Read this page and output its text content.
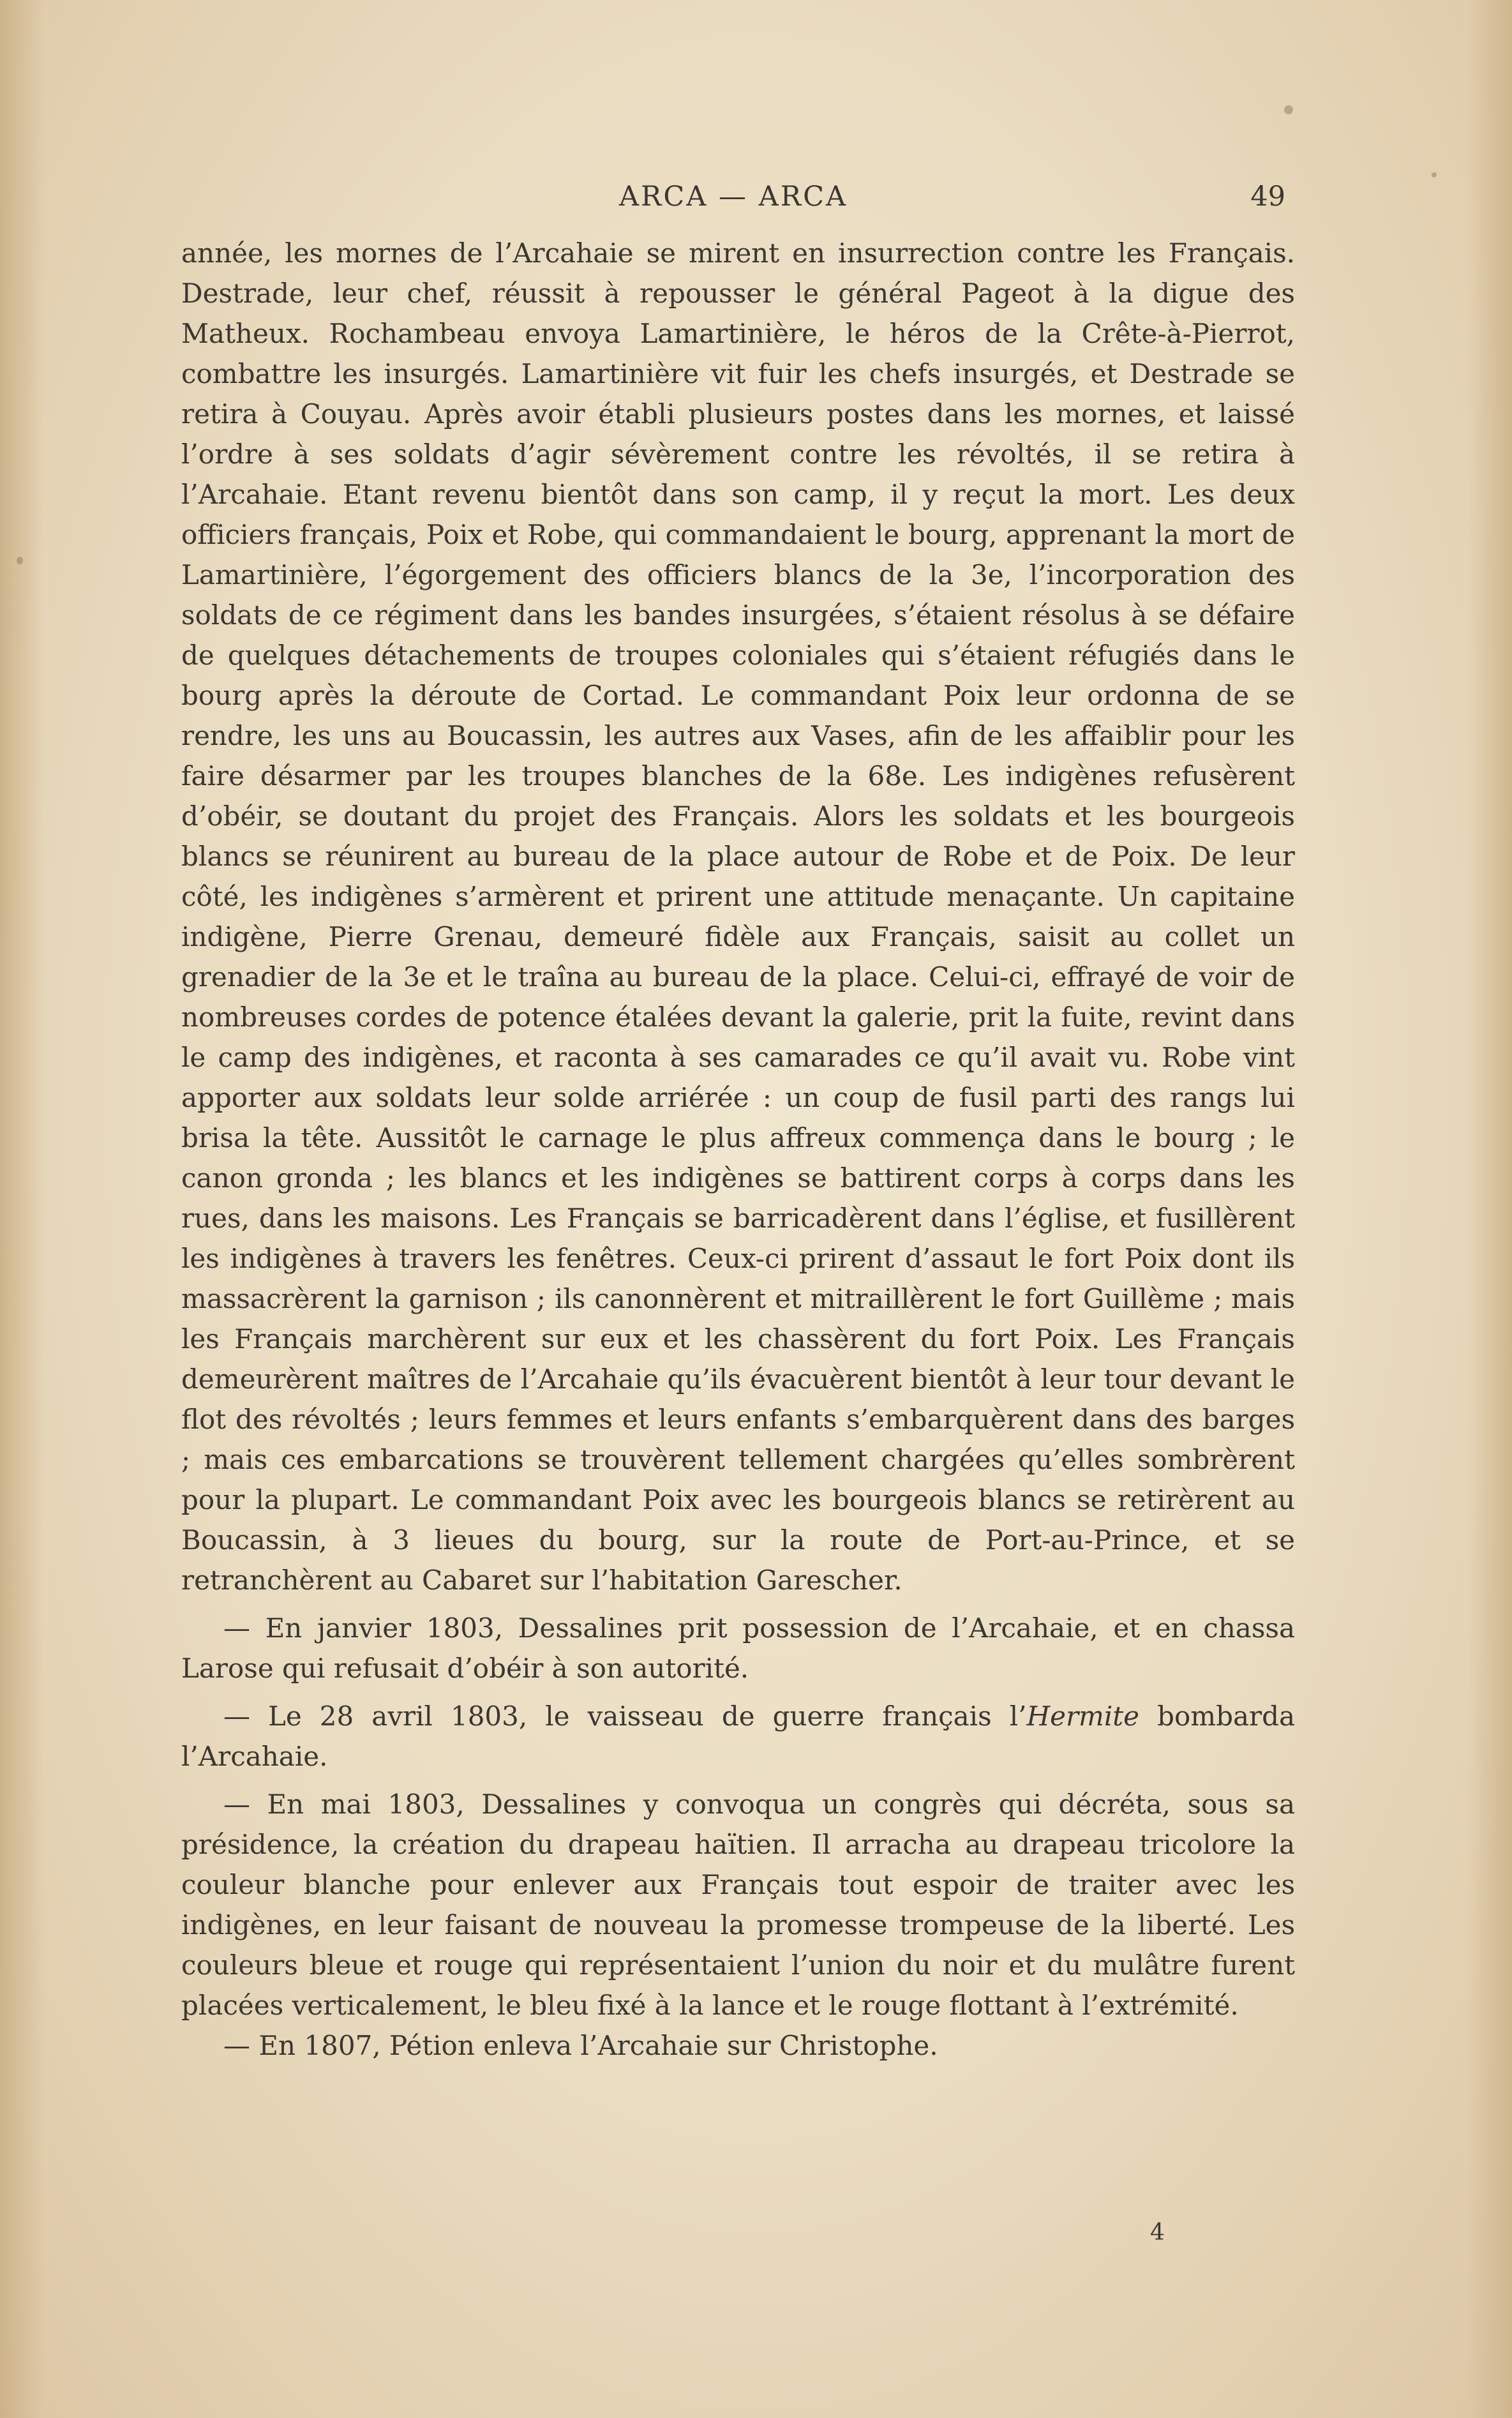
ARCA — ARCA	49

année, les mornes de l’Arcahaie se mirent en insurrection contre les Français. Destrade, leur chef, réussit à repousser le général Pageot à la digue des Matheux. Rochambeau envoya Lamartinière, le héros de la Crête-à-Pierrot, combattre les insurgés. Lamartinière vit fuir les chefs insurgés, et Destrade se retira à Couyau. Après avoir établi plusieurs postes dans les mornes, et laissé l’ordre à ses soldats d’agir sévèrement contre les révoltés, il se retira à l’Arcahaie. Etant revenu bientôt dans son camp, il y reçut la mort. Les deux officiers français, Poix et Robe, qui commandaient le bourg, apprenant la mort de Lamartinière, l’égorgement des officiers blancs de la 3e, l’incorporation des soldats de ce régiment dans les bandes insurgées, s’étaient résolus à se défaire de quelques détachements de troupes coloniales qui s’étaient réfugiés dans le bourg après la déroute de Cortad. Le commandant Poix leur ordonna de se rendre, les uns au Boucassin, les autres aux Vases, afin de les affaiblir pour les faire désarmer par les troupes blanches de la 68e. Les indigènes refusèrent d’obéir, se doutant du projet des Français. Alors les soldats et les bourgeois blancs se réunirent au bureau de la place autour de Robe et de Poix. De leur côté, les indigènes s’armèrent et prirent une attitude menaçante. Un capitaine indigène, Pierre Grenau, demeuré fidèle aux Français, saisit au collet un grenadier de la 3e et le traîna au bureau de la place. Celui-ci, effrayé de voir de nombreuses cordes de potence étalées devant la galerie, prit la fuite, revint dans le camp des indigènes, et raconta à ses camarades ce qu’il avait vu. Robe vint apporter aux soldats leur solde arriérée : un coup de fusil parti des rangs lui brisa la tête. Aussitôt le carnage le plus affreux commença dans le bourg ; le canon gronda ; les blancs et les indigènes se battirent corps à corps dans les rues, dans les maisons. Les Français se barricadèrent dans l’église, et fusillèrent les indigènes à travers les fenêtres. Ceux-ci prirent d’assaut le fort Poix dont ils massacrèrent la garnison ; ils canonnèrent et mitraillèrent le fort Guillème ; mais les Français marchèrent sur eux et les chassèrent du fort Poix. Les Français demeurèrent maîtres de l’Arcahaie qu’ils évacuèrent bientôt à leur tour devant le flot des révoltés ; leurs femmes et leurs enfants s’embarquèrent dans des barges ; mais ces embarcations se trouvèrent tellement chargées qu’elles sombrèrent pour la plupart. Le commandant Poix avec les bourgeois blancs se retirèrent au Boucassin, à 3 lieues du bourg, sur la route de Port-au-Prince, et se retranchèrent au Cabaret sur l’habitation Garescher.

— En janvier 1803, Dessalines prit possession de l’Arcahaie, et en chassa Larose qui refusait d’obéir à son autorité.

— Le 28 avril 1803, le vaisseau de guerre français l’Hermite bombarda l’Arcahaie.

— En mai 1803, Dessalines y convoqua un congrès qui décréta, sous sa présidence, la création du drapeau haïtien. Il arracha au drapeau tricolore la couleur blanche pour enlever aux Français tout espoir de traiter avec les indigènes, en leur faisant de nouveau la promesse trompeuse de la liberté. Les couleurs bleue et rouge qui représentaient l’union du noir et du mulâtre furent placées verticalement, le bleu fixé à la lance et le rouge flottant à l’extrémité.

— En 1807, Pétion enleva l’Arcahaie sur Christophe.

4
